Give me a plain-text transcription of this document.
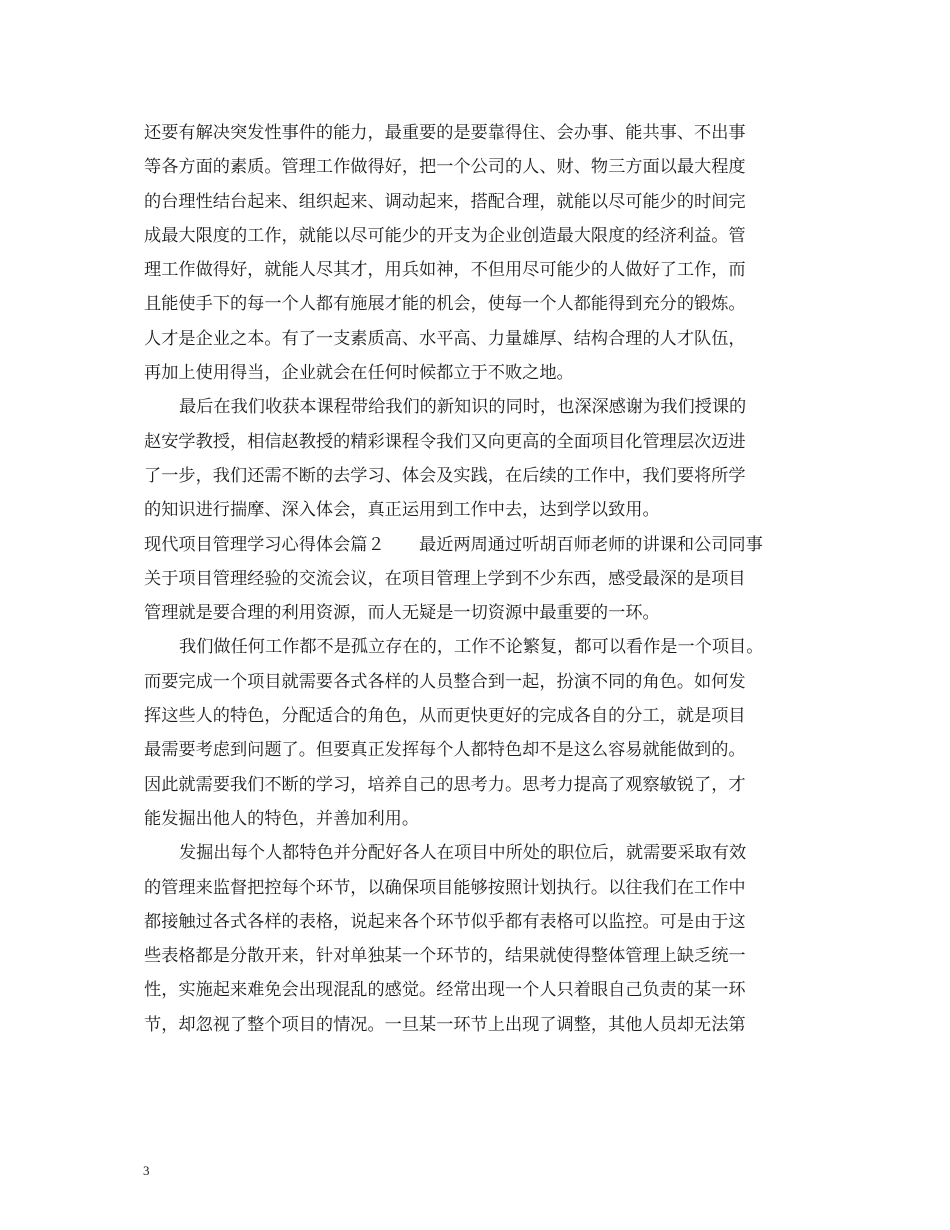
还要有解决突发性事件的能力，最重要的是要靠得住、会办事、能共事、不出事
等各方面的素质。管理工作做得好，把一个公司的人、财、物三方面以最大程度
的台理性结台起来、组织起来、调动起来，搭配合理，就能以尽可能少的时间完
成最大限度的工作，就能以尽可能少的开支为企业创造最大限度的经济利益。管
理工作做得好，就能人尽其才，用兵如神，不但用尽可能少的人做好了工作，而
且能使手下的每一个人都有施展才能的机会，使每一个人都能得到充分的锻炼。
人才是企业之本。有了一支素质高、水平高、力量雄厚、结构合理的人才队伍，
再加上使用得当，企业就会在任何时候都立于不败之地。
最后在我们收获本课程带给我们的新知识的同时，也深深感谢为我们授课的
赵安学教授，相信赵教授的精彩课程令我们又向更高的全面项目化管理层次迈进
了一步，我们还需不断的去学习、体会及实践，在后续的工作中，我们要将所学
的知识进行揣摩、深入体会，真正运用到工作中去，达到学以致用。
现代项目管理学习心得体会篇２　　最近两周通过听胡百师老师的讲课和公司同事
关于项目管理经验的交流会议，在项目管理上学到不少东西，感受最深的是项目
管理就是要合理的利用资源，而人无疑是一切资源中最重要的一环。
我们做任何工作都不是孤立存在的，工作不论繁复，都可以看作是一个项目。
而要完成一个项目就需要各式各样的人员整合到一起，扮演不同的角色。如何发
挥这些人的特色，分配适合的角色，从而更快更好的完成各自的分工，就是项目
最需要考虑到问题了。但要真正发挥每个人都特色却不是这么容易就能做到的。
因此就需要我们不断的学习，培养自己的思考力。思考力提高了观察敏锐了，才
能发掘出他人的特色，并善加利用。
发掘出每个人都特色并分配好各人在项目中所处的职位后，就需要采取有效
的管理来监督把控每个环节，以确保项目能够按照计划执行。以往我们在工作中
都接触过各式各样的表格，说起来各个环节似乎都有表格可以监控。可是由于这
些表格都是分散开来，针对单独某一个环节的，结果就使得整体管理上缺乏统一
性，实施起来难免会出现混乱的感觉。经常出现一个人只着眼自己负责的某一环
节，却忽视了整个项目的情况。一旦某一环节上出现了调整，其他人员却无法第
3
